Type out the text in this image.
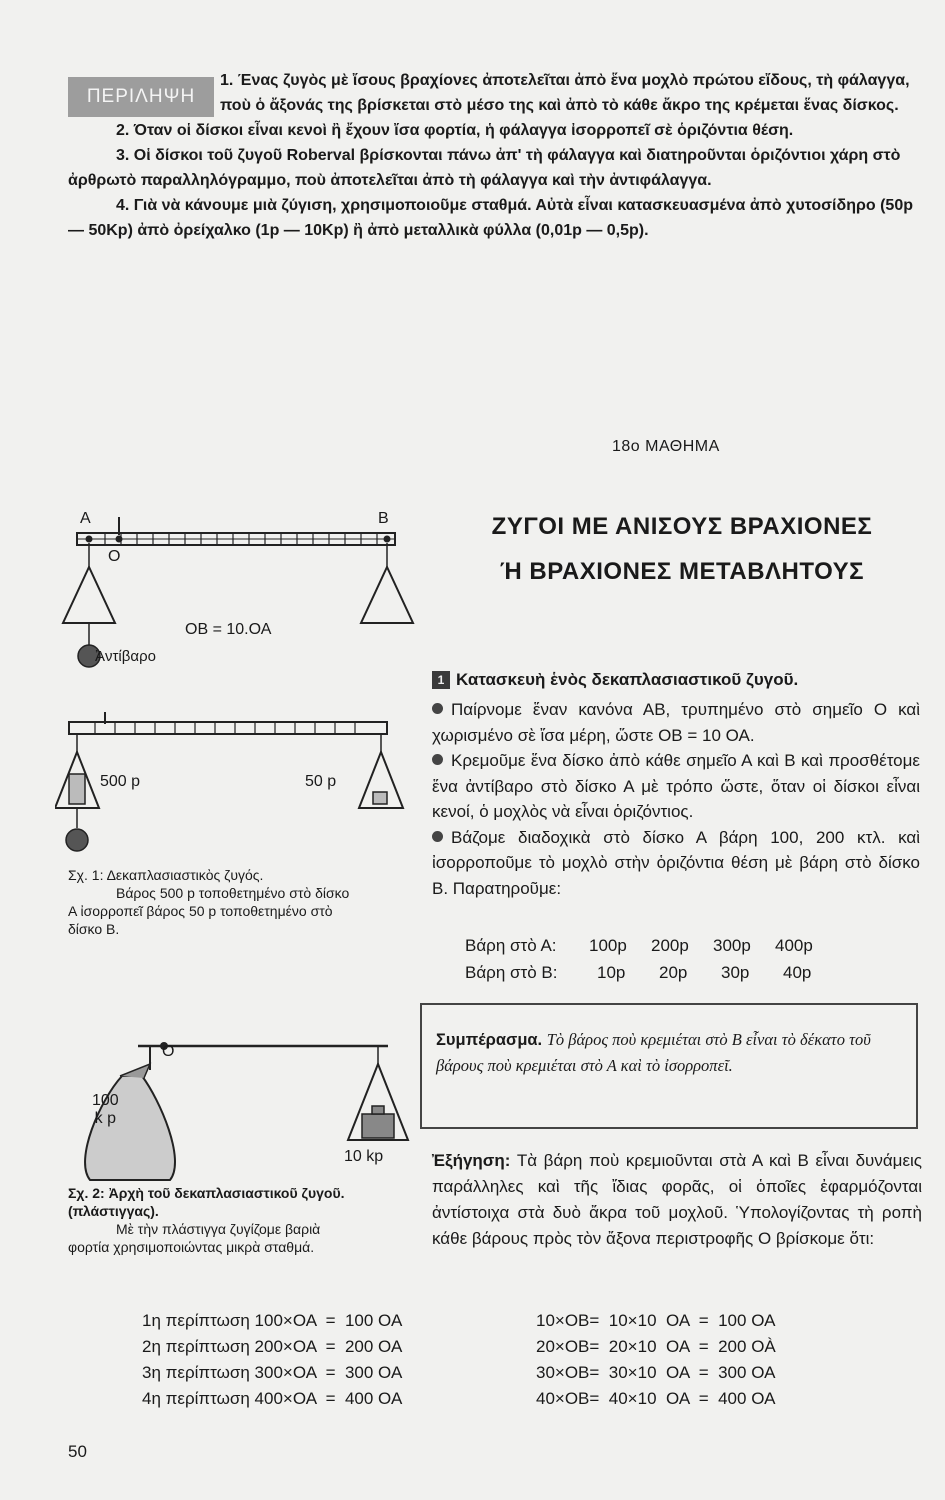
1. Ένας ζυγὸς μὲ ἴσους βραχίονες ἀποτελεῖται ἀπὸ ἕνα μοχλὸ πρώτου εἴδους, τὴ φάλαγγα, ποὺ ὁ ἄξονάς της βρίσκεται στὸ μέσο της καὶ ἀπὸ τὸ κάθε ἄκρο της κρέμεται ἕνας δίσκος.

2. Όταν οἱ δίσκοι εἶναι κενοὶ ἢ ἔχουν ἴσα φορτία, ἡ φάλαγγα ἰσορροπεῖ σὲ ὁριζόντια θέση.

3. Οἱ δίσκοι τοῦ ζυγοῦ Roberval βρίσκονται πάνω ἀπ' τὴ φάλαγγα καὶ διατηροῦνται ὁριζόντιοι χάρη στὸ ἀρθρωτὸ παραλληλόγραμμο, ποὺ ἀποτελεῖται ἀπὸ τὴ φάλαγγα καὶ τὴν ἀντιφάλαγγα.

4. Γιὰ νὰ κάνουμε μιὰ ζύγιση, χρησιμοποιοῦμε σταθμά. Αὐτὰ εἶναι κατασκευασμένα ἀπὸ χυτοσίδηρο (50p — 50Kp) ἀπὸ ὀρείχαλκο (1p — 10Kp) ἢ ἀπὸ μεταλλικὰ φύλλα (0,01p — 0,5p).

ΠΕΡΙΛΗΨΗ
18ο ΜΑΘΗΜΑ
ΖΥΓΟΙ ΜΕ ΑΝΙΣΟΥΣ ΒΡΑΧΙΟΝΕΣ
Ή ΒΡΑΧΙΟΝΕΣ ΜΕΤΑΒΛΗΤΟΥΣ
Α	Β
Ο
ΟΒ = 10.ΟΑ
Ἀντίβαρο
500 p	50 p
Σχ. 1: Δεκαπλασιαστικὸς ζυγός.
Βάρος 500 p τοποθετημένο στὸ δίσκο Α ἰσορροπεῖ βάρος 50 p τοποθετημένο στὸ δίσκο Β.
Ο
100
k p
10 kp
Σχ. 2: Ἀρχὴ τοῦ δεκαπλασιαστικοῦ ζυγοῦ. (πλάστιγγας).
Μὲ τὴν πλάστιγγα ζυγίζομε βαριὰ φορτία χρησιμοποιώντας μικρὰ σταθμά.
1 Κατασκευὴ ἑνὸς δεκαπλασιαστικοῦ ζυγοῦ.

Παίρνομε ἕναν κανόνα ΑΒ, τρυπημένο στὸ σημεῖο Ο καὶ χωρισμένο σὲ ἴσα μέρη, ὥστε ΟΒ = 10 ΟΑ.

Κρεμοῦμε ἕνα δίσκο ἀπὸ κάθε σημεῖο Α καὶ Β καὶ προσθέτομε ἕνα ἀντίβαρο στὸ δίσκο Α μὲ τρόπο ὥστε, ὅταν οἱ δίσκοι εἶναι κενοί, ὁ μοχλὸς νὰ εἶναι ὁριζόντιος.

Βάζομε διαδοχικὰ στὸ δίσκο Α βάρη 100, 200 κτλ. καὶ ἰσορροποῦμε τὸ μοχλὸ στὴν ὁριζόντια θέση μὲ βάρη στὸ δίσκο Β. Παρατηροῦμε:

Βάρη στὸ Α: 100p 200p 300p 400p
Βάρη στὸ Β: 10p 20p 30p 40p
Συμπέρασμα. Τὸ βάρος ποὺ κρεμιέται στὸ Β εἶναι τὸ δέκατο τοῦ βάρους ποὺ κρεμιέται στὸ Α καὶ τὸ ἰσορροπεῖ.
Ἐξήγηση: Τὰ βάρη ποὺ κρεμιοῦνται στὰ Α καὶ Β εἶναι δυνάμεις παράλληλες καὶ τῆς ἴδιας φορᾶς, οἱ ὁποῖες ἐφαρμόζονται ἀντίστοιχα στὰ δυὸ ἄκρα τοῦ μοχλοῦ. Ὑπολογίζοντας τὴ ροπὴ κάθε βάρους πρὸς τὸν ἄξονα περιστροφῆς Ο βρίσκομε ὅτι:
1η περίπτωση 100×ΟΑ  =  100 ΟΑ
2η περίπτωση 200×ΟΑ  =  200 ΟΑ
3η περίπτωση 300×ΟΑ  =  300 ΟΑ
4η περίπτωση 400×ΟΑ  =  400 ΟΑ
10×ΟΒ=  10×10  ΟΑ  =  100 ΟΑ
20×ΟΒ=  20×10  ΟΑ  =  200 ΟÀ
30×ΟΒ=  30×10  ΟΑ  =  300 ΟΑ
40×ΟΒ=  40×10  ΟΑ  =  400 ΟΑ
50
